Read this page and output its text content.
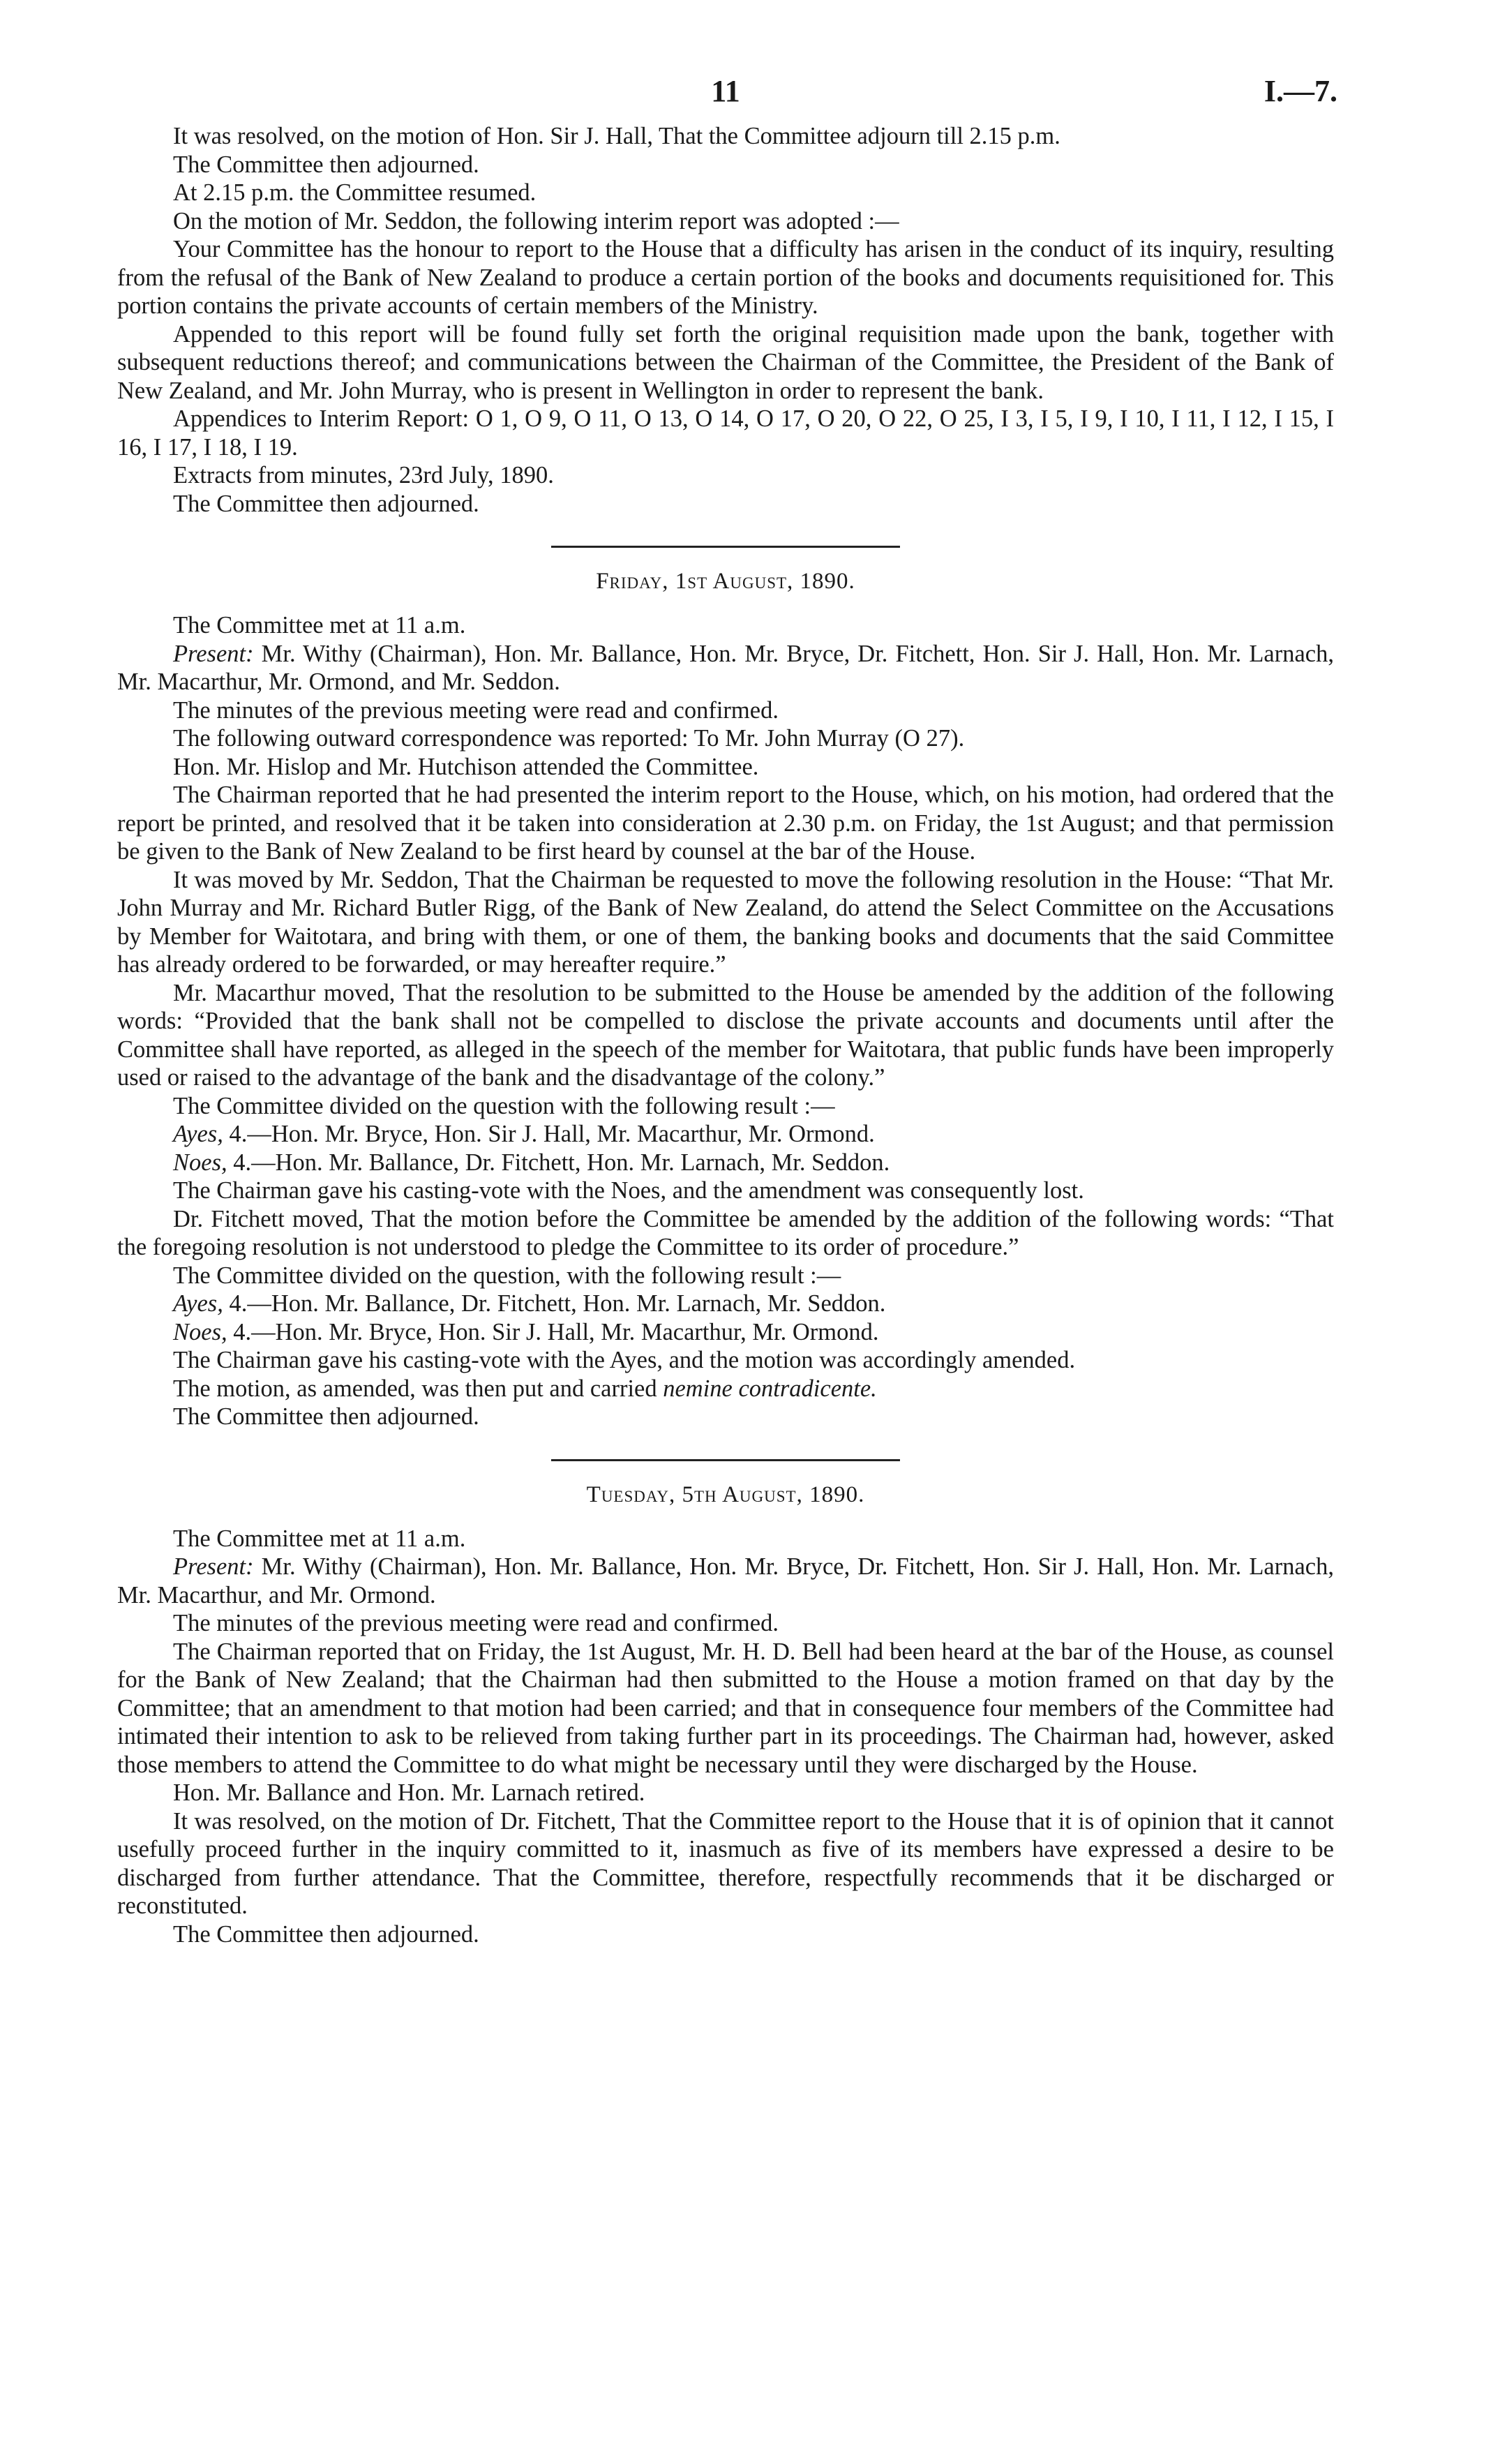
11	I.—7.

It was resolved, on the motion of Hon. Sir J. Hall, That the Committee adjourn till 2.15 p.m.

The Committee then adjourned.

At 2.15 p.m. the Committee resumed.

On the motion of Mr. Seddon, the following interim report was adopted :—

Your Committee has the honour to report to the House that a difficulty has arisen in the conduct of its inquiry, resulting from the refusal of the Bank of New Zealand to produce a certain portion of the books and documents requisitioned for. This portion contains the private accounts of certain members of the Ministry.

Appended to this report will be found fully set forth the original requisition made upon the bank, together with subsequent reductions thereof; and communications between the Chairman of the Committee, the President of the Bank of New Zealand, and Mr. John Murray, who is present in Wellington in order to represent the bank.

Appendices to Interim Report: O 1, O 9, O 11, O 13, O 14, O 17, O 20, O 22, O 25, I 3, I 5, I 9, I 10, I 11, I 12, I 15, I 16, I 17, I 18, I 19.

Extracts from minutes, 23rd July, 1890.

The Committee then adjourned.

Friday, 1st August, 1890.

The Committee met at 11 a.m.

Present: Mr. Withy (Chairman), Hon. Mr. Ballance, Hon. Mr. Bryce, Dr. Fitchett, Hon. Sir J. Hall, Hon. Mr. Larnach, Mr. Macarthur, Mr. Ormond, and Mr. Seddon.

The minutes of the previous meeting were read and confirmed.

The following outward correspondence was reported: To Mr. John Murray (O 27).

Hon. Mr. Hislop and Mr. Hutchison attended the Committee.

The Chairman reported that he had presented the interim report to the House, which, on his motion, had ordered that the report be printed, and resolved that it be taken into consideration at 2.30 p.m. on Friday, the 1st August; and that permission be given to the Bank of New Zealand to be first heard by counsel at the bar of the House.

It was moved by Mr. Seddon, That the Chairman be requested to move the following resolution in the House: “That Mr. John Murray and Mr. Richard Butler Rigg, of the Bank of New Zealand, do attend the Select Committee on the Accusations by Member for Waitotara, and bring with them, or one of them, the banking books and documents that the said Committee has already ordered to be forwarded, or may hereafter require.”

Mr. Macarthur moved, That the resolution to be submitted to the House be amended by the addition of the following words: “Provided that the bank shall not be compelled to disclose the private accounts and documents until after the Committee shall have reported, as alleged in the speech of the member for Waitotara, that public funds have been improperly used or raised to the advantage of the bank and the disadvantage of the colony.”

The Committee divided on the question with the following result :—

Ayes, 4.—Hon. Mr. Bryce, Hon. Sir J. Hall, Mr. Macarthur, Mr. Ormond.

Noes, 4.—Hon. Mr. Ballance, Dr. Fitchett, Hon. Mr. Larnach, Mr. Seddon.

The Chairman gave his casting-vote with the Noes, and the amendment was consequently lost.

Dr. Fitchett moved, That the motion before the Committee be amended by the addition of the following words: “That the foregoing resolution is not understood to pledge the Committee to its order of procedure.”

The Committee divided on the question, with the following result :—

Ayes, 4.—Hon. Mr. Ballance, Dr. Fitchett, Hon. Mr. Larnach, Mr. Seddon.

Noes, 4.—Hon. Mr. Bryce, Hon. Sir J. Hall, Mr. Macarthur, Mr. Ormond.

The Chairman gave his casting-vote with the Ayes, and the motion was accordingly amended.

The motion, as amended, was then put and carried nemine contradicente.

The Committee then adjourned.

Tuesday, 5th August, 1890.

The Committee met at 11 a.m.

Present: Mr. Withy (Chairman), Hon. Mr. Ballance, Hon. Mr. Bryce, Dr. Fitchett, Hon. Sir J. Hall, Hon. Mr. Larnach, Mr. Macarthur, and Mr. Ormond.

The minutes of the previous meeting were read and confirmed.

The Chairman reported that on Friday, the 1st August, Mr. H. D. Bell had been heard at the bar of the House, as counsel for the Bank of New Zealand; that the Chairman had then submitted to the House a motion framed on that day by the Committee; that an amendment to that motion had been carried; and that in consequence four members of the Committee had intimated their intention to ask to be relieved from taking further part in its proceedings. The Chairman had, however, asked those members to attend the Committee to do what might be necessary until they were discharged by the House.

Hon. Mr. Ballance and Hon. Mr. Larnach retired.

It was resolved, on the motion of Dr. Fitchett, That the Committee report to the House that it is of opinion that it cannot usefully proceed further in the inquiry committed to it, inasmuch as five of its members have expressed a desire to be discharged from further attendance. That the Committee, therefore, respectfully recommends that it be discharged or reconstituted.

The Committee then adjourned.
